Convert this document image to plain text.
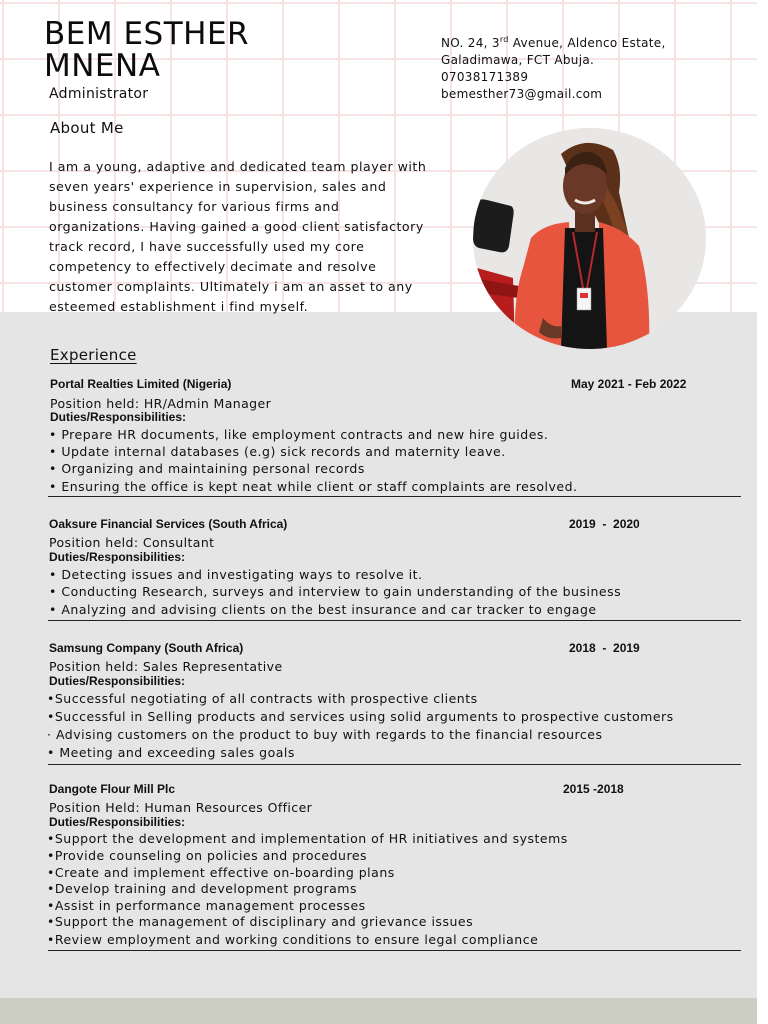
BEM ESTHER
MNENA
Administrator
About Me
NO. 24, 3rd Avenue, Aldenco Estate,
Galadimawa, FCT Abuja.
07038171389
bemesther73@gmail.com
I am a young, adaptive and dedicated team player with
seven years' experience in supervision, sales and
business consultancy for various firms and
organizations. Having gained a good client satisfactory
track record, I have successfully used my core
competency to effectively decimate and resolve
customer complaints. Ultimately i am an asset to any
esteemed establishment i find myself.
Experience
Portal Realties Limited (Nigeria)	May 2021 - Feb 2022
Position held: HR/Admin Manager
Duties/Responsibilities:
• Prepare HR documents, like employment contracts and new hire guides.
• Update internal databases (e.g) sick records and maternity leave.
• Organizing and maintaining personal records
• Ensuring the office is kept neat while client or staff complaints are resolved.
Oaksure Financial Services (South Africa)	2019  -  2020
Position held: Consultant
Duties/Responsibilities:
• Detecting issues and investigating ways to resolve it.
• Conducting Research, surveys and interview to gain understanding of the business
• Analyzing and advising clients on the best insurance and car tracker to engage
Samsung Company (South Africa)	2018  -  2019
Position held: Sales Representative
Duties/Responsibilities:
•Successful negotiating of all contracts with prospective clients
•Successful in Selling products and services using solid arguments to prospective customers
· Advising customers on the product to buy with regards to the financial resources
• Meeting and exceeding sales goals
Dangote Flour Mill Plc	2015 -2018
Position Held: Human Resources Officer
Duties/Responsibilities:
•Support the development and implementation of HR initiatives and systems
•Provide counseling on policies and procedures
•Create and implement effective on-boarding plans
•Develop training and development programs
•Assist in performance management processes
•Support the management of disciplinary and grievance issues
•Review employment and working conditions to ensure legal compliance
